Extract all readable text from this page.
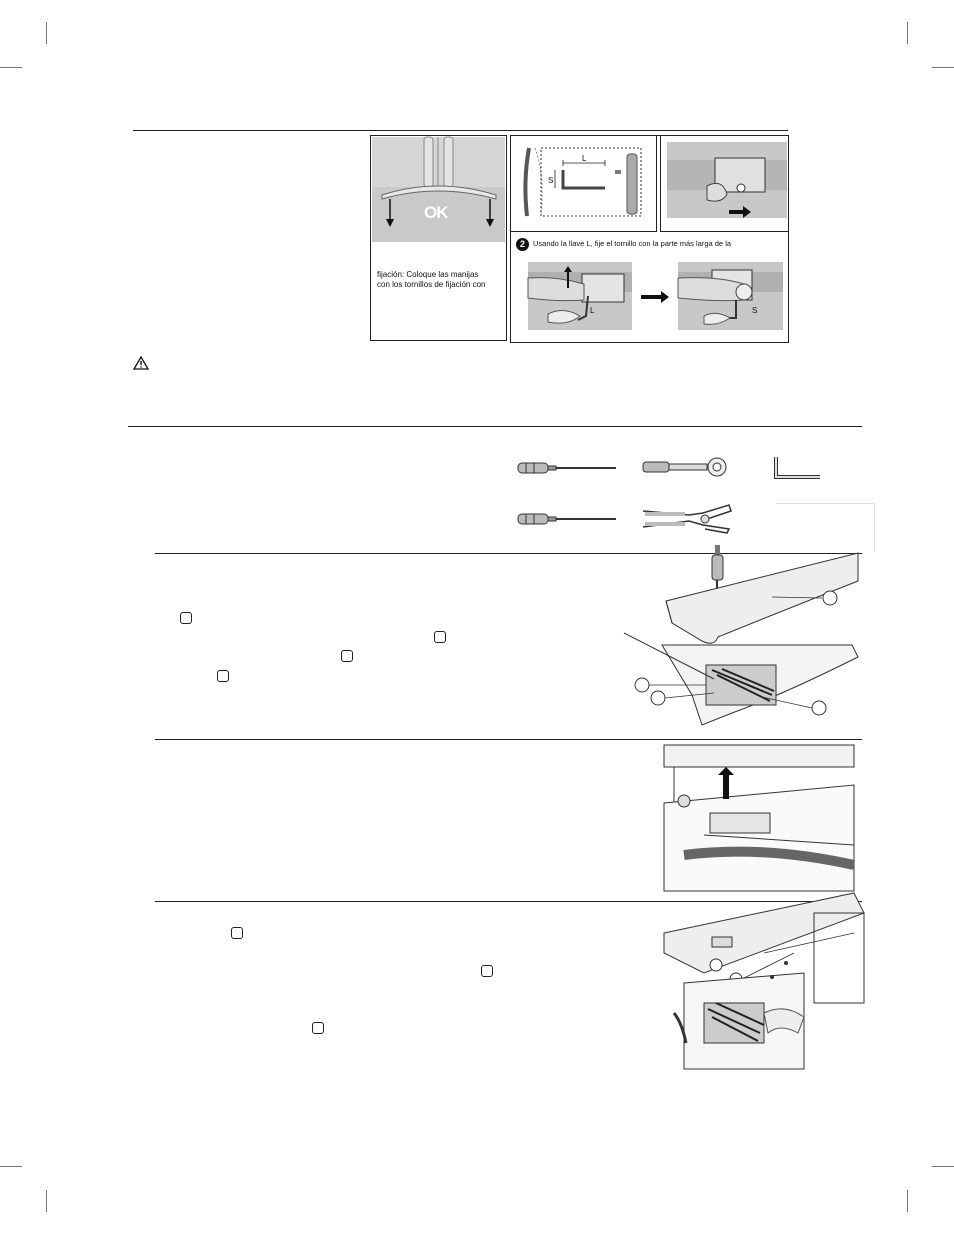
OK
fijación: Coloque las manijas
con los tornillos de fijación con
L
S
2	Usando la llave L, fije el tornillo con la parte más larga de la
L	S
